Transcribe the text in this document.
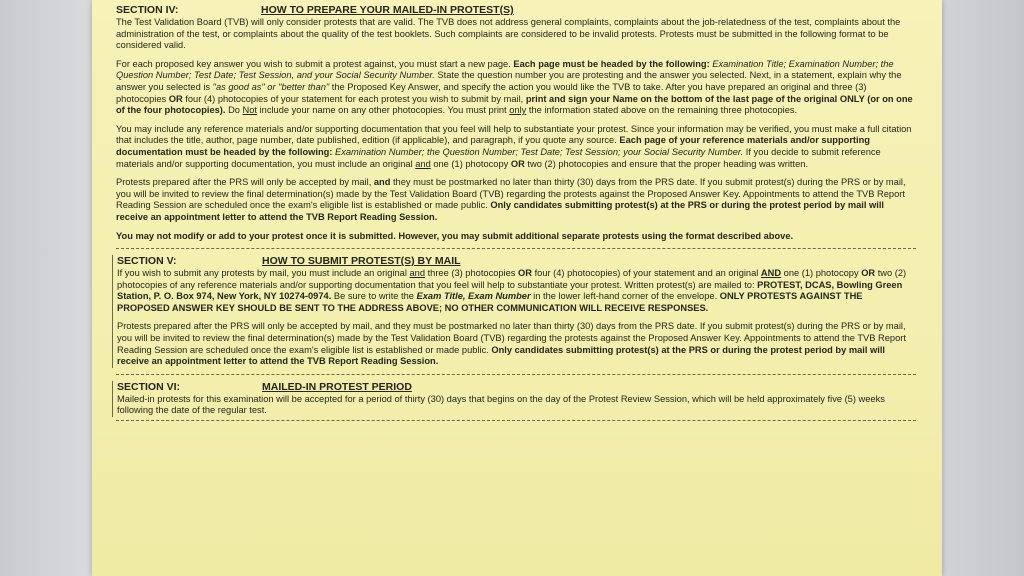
SECTION IV:	HOW TO PREPARE YOUR MAILED-IN PROTEST(S)

The Test Validation Board (TVB) will only consider protests that are valid. The TVB does not address general complaints, complaints about the job-relatedness of the test, complaints about the administration of the test, or complaints about the quality of the test booklets. Such complaints are considered to be invalid protests. Protests must be submitted in the following format to be considered valid.

For each proposed key answer you wish to submit a protest against, you must start a new page. Each page must be headed by the following: Examination Title; Examination Number; the Question Number; Test Date; Test Session, and your Social Security Number. State the question number you are protesting and the answer you selected. Next, in a statement, explain why the answer you selected is "as good as" or "better than" the Proposed Key Answer, and specify the action you would like the TVB to take. After you have prepared an original and three (3) photocopies OR four (4) photocopies of your statement for each protest you wish to submit by mail, print and sign your Name on the bottom of the last page of the original ONLY (or on one of the four photocopies). Do Not include your name on any other photocopies. You must print only the information stated above on the remaining three photocopies.

You may include any reference materials and/or supporting documentation that you feel will help to substantiate your protest. Since your information may be verified, you must make a full citation that includes the title, author, page number, date published, edition (if applicable), and paragraph, if you quote any source. Each page of your reference materials and/or supporting documentation must be headed by the following: Examination Number; the Question Number; Test Date; Test Session; your Social Security Number. If you decide to submit reference materials and/or supporting documentation, you must include an original and one (1) photocopy OR two (2) photocopies and ensure that the proper heading was written.

Protests prepared after the PRS will only be accepted by mail, and they must be postmarked no later than thirty (30) days from the PRS date. If you submit protest(s) during the PRS or by mail, you will be invited to review the final determination(s) made by the Test Validation Board (TVB) regarding the protests against the Proposed Answer Key. Appointments to attend the TVB Report Reading Session are scheduled once the exam's eligible list is established or made public. Only candidates submitting protest(s) at the PRS or during the protest period by mail will receive an appointment letter to attend the TVB Report Reading Session.

You may not modify or add to your protest once it is submitted. However, you may submit additional separate protests using the format described above.

SECTION V:	HOW TO SUBMIT PROTEST(S) BY MAIL

If you wish to submit any protests by mail, you must include an original and three (3) photocopies OR four (4) photocopies) of your statement and an original AND one (1) photocopy OR two (2) photocopies of any reference materials and/or supporting documentation that you feel will help to substantiate your protest. Written protest(s) are mailed to: PROTEST, DCAS, Bowling Green Station, P. O. Box 974, New York, NY 10274-0974. Be sure to write the Exam Title, Exam Number in the lower left-hand corner of the envelope. ONLY PROTESTS AGAINST THE PROPOSED ANSWER KEY SHOULD BE SENT TO THE ADDRESS ABOVE; NO OTHER COMMUNICATION WILL RECEIVE RESPONSES.

Protests prepared after the PRS will only be accepted by mail, and they must be postmarked no later than thirty (30) days from the PRS date. If you submit protest(s) during the PRS or by mail, you will be invited to review the final determination(s) made by the Test Validation Board (TVB) regarding the protests against the Proposed Answer Key. Appointments to attend the TVB Report Reading Session are scheduled once the exam's eligible list is established or made public. Only candidates submitting protest(s) at the PRS or during the protest period by mail will receive an appointment letter to attend the TVB Report Reading Session.

SECTION VI:	MAILED-IN PROTEST PERIOD

Mailed-in protests for this examination will be accepted for a period of thirty (30) days that begins on the day of the Protest Review Session, which will be held approximately five (5) weeks following the date of the regular test.
